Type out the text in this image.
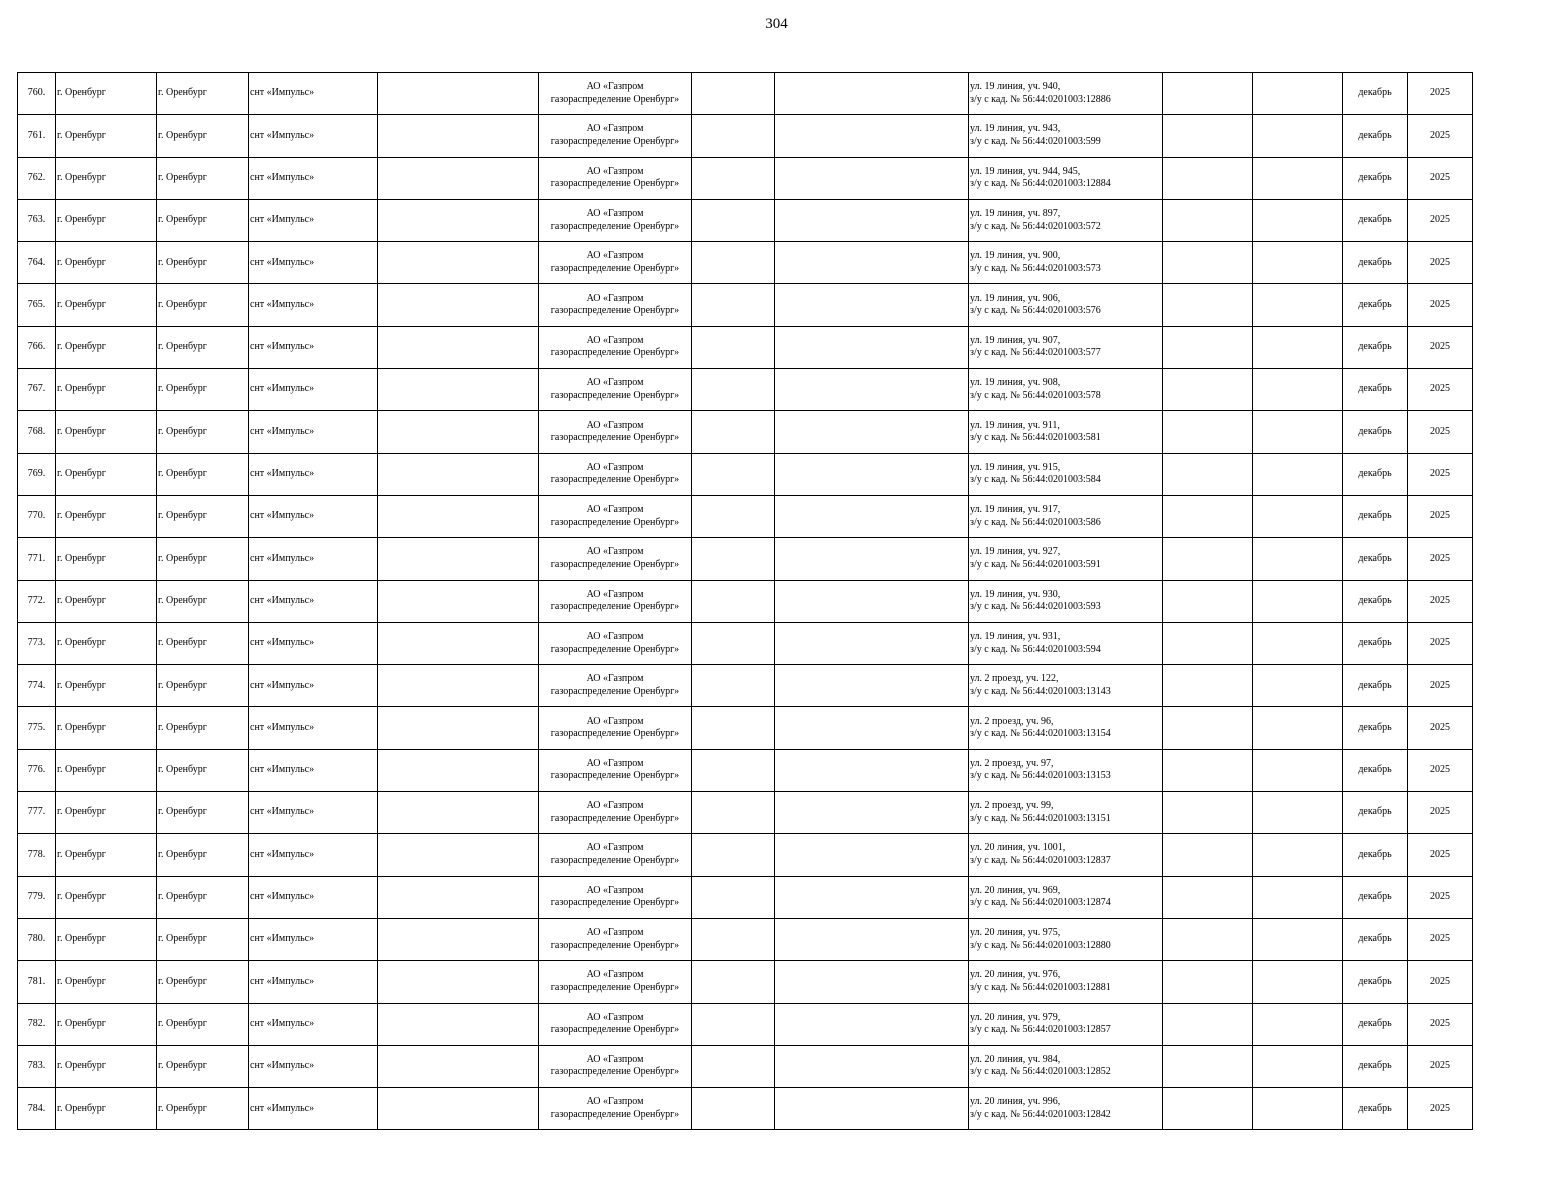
304
760.	г. Оренбург	г. Оренбург	снт «Импульс»		АО «Газпром
газораспределение Оренбург»			ул. 19 линия, уч. 940,
з/у с кад. № 56:44:0201003:12886			декабрь	2025
761.	г. Оренбург	г. Оренбург	снт «Импульс»		АО «Газпром
газораспределение Оренбург»			ул. 19 линия, уч. 943,
з/у с кад. № 56:44:0201003:599			декабрь	2025
762.	г. Оренбург	г. Оренбург	снт «Импульс»		АО «Газпром
газораспределение Оренбург»			ул. 19 линия, уч. 944, 945,
з/у с кад. № 56:44:0201003:12884			декабрь	2025
763.	г. Оренбург	г. Оренбург	снт «Импульс»		АО «Газпром
газораспределение Оренбург»			ул. 19 линия, уч. 897,
з/у с кад. № 56:44:0201003:572			декабрь	2025
764.	г. Оренбург	г. Оренбург	снт «Импульс»		АО «Газпром
газораспределение Оренбург»			ул. 19 линия, уч. 900,
з/у с кад. № 56:44:0201003:573			декабрь	2025
765.	г. Оренбург	г. Оренбург	снт «Импульс»		АО «Газпром
газораспределение Оренбург»			ул. 19 линия, уч. 906,
з/у с кад. № 56:44:0201003:576			декабрь	2025
766.	г. Оренбург	г. Оренбург	снт «Импульс»		АО «Газпром
газораспределение Оренбург»			ул. 19 линия, уч. 907,
з/у с кад. № 56:44:0201003:577			декабрь	2025
767.	г. Оренбург	г. Оренбург	снт «Импульс»		АО «Газпром
газораспределение Оренбург»			ул. 19 линия, уч. 908,
з/у с кад. № 56:44:0201003:578			декабрь	2025
768.	г. Оренбург	г. Оренбург	снт «Импульс»		АО «Газпром
газораспределение Оренбург»			ул. 19 линия, уч. 911,
з/у с кад. № 56:44:0201003:581			декабрь	2025
769.	г. Оренбург	г. Оренбург	снт «Импульс»		АО «Газпром
газораспределение Оренбург»			ул. 19 линия, уч. 915,
з/у с кад. № 56:44:0201003:584			декабрь	2025
770.	г. Оренбург	г. Оренбург	снт «Импульс»		АО «Газпром
газораспределение Оренбург»			ул. 19 линия, уч. 917,
з/у с кад. № 56:44:0201003:586			декабрь	2025
771.	г. Оренбург	г. Оренбург	снт «Импульс»		АО «Газпром
газораспределение Оренбург»			ул. 19 линия, уч. 927,
з/у с кад. № 56:44:0201003:591			декабрь	2025
772.	г. Оренбург	г. Оренбург	снт «Импульс»		АО «Газпром
газораспределение Оренбург»			ул. 19 линия, уч. 930,
з/у с кад. № 56:44:0201003:593			декабрь	2025
773.	г. Оренбург	г. Оренбург	снт «Импульс»		АО «Газпром
газораспределение Оренбург»			ул. 19 линия, уч. 931,
з/у с кад. № 56:44:0201003:594			декабрь	2025
774.	г. Оренбург	г. Оренбург	снт «Импульс»		АО «Газпром
газораспределение Оренбург»			ул. 2 проезд, уч. 122,
з/у с кад. № 56:44:0201003:13143			декабрь	2025
775.	г. Оренбург	г. Оренбург	снт «Импульс»		АО «Газпром
газораспределение Оренбург»			ул. 2 проезд, уч. 96,
з/у с кад. № 56:44:0201003:13154			декабрь	2025
776.	г. Оренбург	г. Оренбург	снт «Импульс»		АО «Газпром
газораспределение Оренбург»			ул. 2 проезд, уч. 97,
з/у с кад. № 56:44:0201003:13153			декабрь	2025
777.	г. Оренбург	г. Оренбург	снт «Импульс»		АО «Газпром
газораспределение Оренбург»			ул. 2 проезд, уч. 99,
з/у с кад. № 56:44:0201003:13151			декабрь	2025
778.	г. Оренбург	г. Оренбург	снт «Импульс»		АО «Газпром
газораспределение Оренбург»			ул. 20 линия, уч. 1001,
з/у с кад. № 56:44:0201003:12837			декабрь	2025
779.	г. Оренбург	г. Оренбург	снт «Импульс»		АО «Газпром
газораспределение Оренбург»			ул. 20 линия, уч. 969,
з/у с кад. № 56:44:0201003:12874			декабрь	2025
780.	г. Оренбург	г. Оренбург	снт «Импульс»		АО «Газпром
газораспределение Оренбург»			ул. 20 линия, уч. 975,
з/у с кад. № 56:44:0201003:12880			декабрь	2025
781.	г. Оренбург	г. Оренбург	снт «Импульс»		АО «Газпром
газораспределение Оренбург»			ул. 20 линия, уч. 976,
з/у с кад. № 56:44:0201003:12881			декабрь	2025
782.	г. Оренбург	г. Оренбург	снт «Импульс»		АО «Газпром
газораспределение Оренбург»			ул. 20 линия, уч. 979,
з/у с кад. № 56:44:0201003:12857			декабрь	2025
783.	г. Оренбург	г. Оренбург	снт «Импульс»		АО «Газпром
газораспределение Оренбург»			ул. 20 линия, уч. 984,
з/у с кад. № 56:44:0201003:12852			декабрь	2025
784.	г. Оренбург	г. Оренбург	снт «Импульс»		АО «Газпром
газораспределение Оренбург»			ул. 20 линия, уч. 996,
з/у с кад. № 56:44:0201003:12842			декабрь	2025
